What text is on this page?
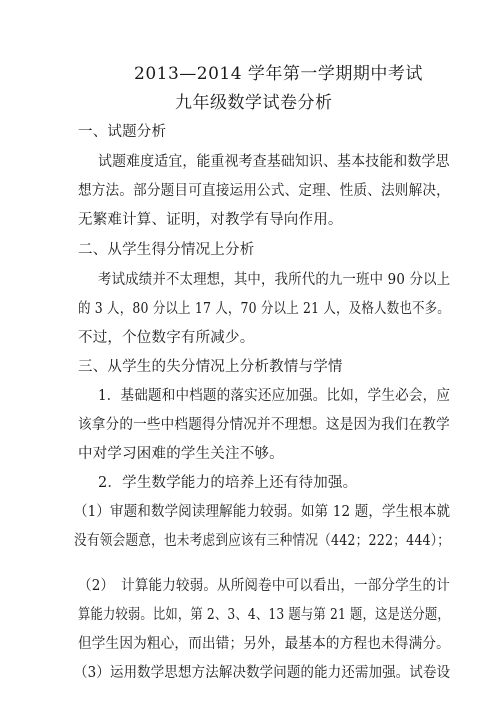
2013—2014 学年第一学期期中考试
九年级数学试卷分析
一、试题分析
试题难度适宜，能重视考查基础知识、基本技能和数学思
想方法。部分题目可直接运用公式、定理、性质、法则解决，
无繁难计算、证明，对教学有导向作用。
二、从学生得分情况上分析
考试成绩并不太理想，其中，我所代的九一班中 90 分以上
的 3 人，80 分以上 17 人，70 分以上 21 人，及格人数也不多。
不过，个位数字有所减少。
三、从学生的失分情况上分析教情与学情
1．基础题和中档题的落实还应加强。比如，学生必会，应
该拿分的一些中档题得分情况并不理想。这是因为我们在教学
中对学习困难的学生关注不够。
2．学生数学能力的培养上还有待加强。
（1）审题和数学阅读理解能力较弱。如第 12 题，学生根本就
没有领会题意，也未考虑到应该有三种情况（442；222；444）；
（2）　计算能力较弱。从所阅卷中可以看出，一部分学生的计
算能力较弱。比如，第 2、3、4、13 题与第 21 题，这是送分题，
但学生因为粗心，而出错；另外，最基本的方程也未得满分。
（3）运用数学思想方法解决数学问题的能力还需加强。试卷设
